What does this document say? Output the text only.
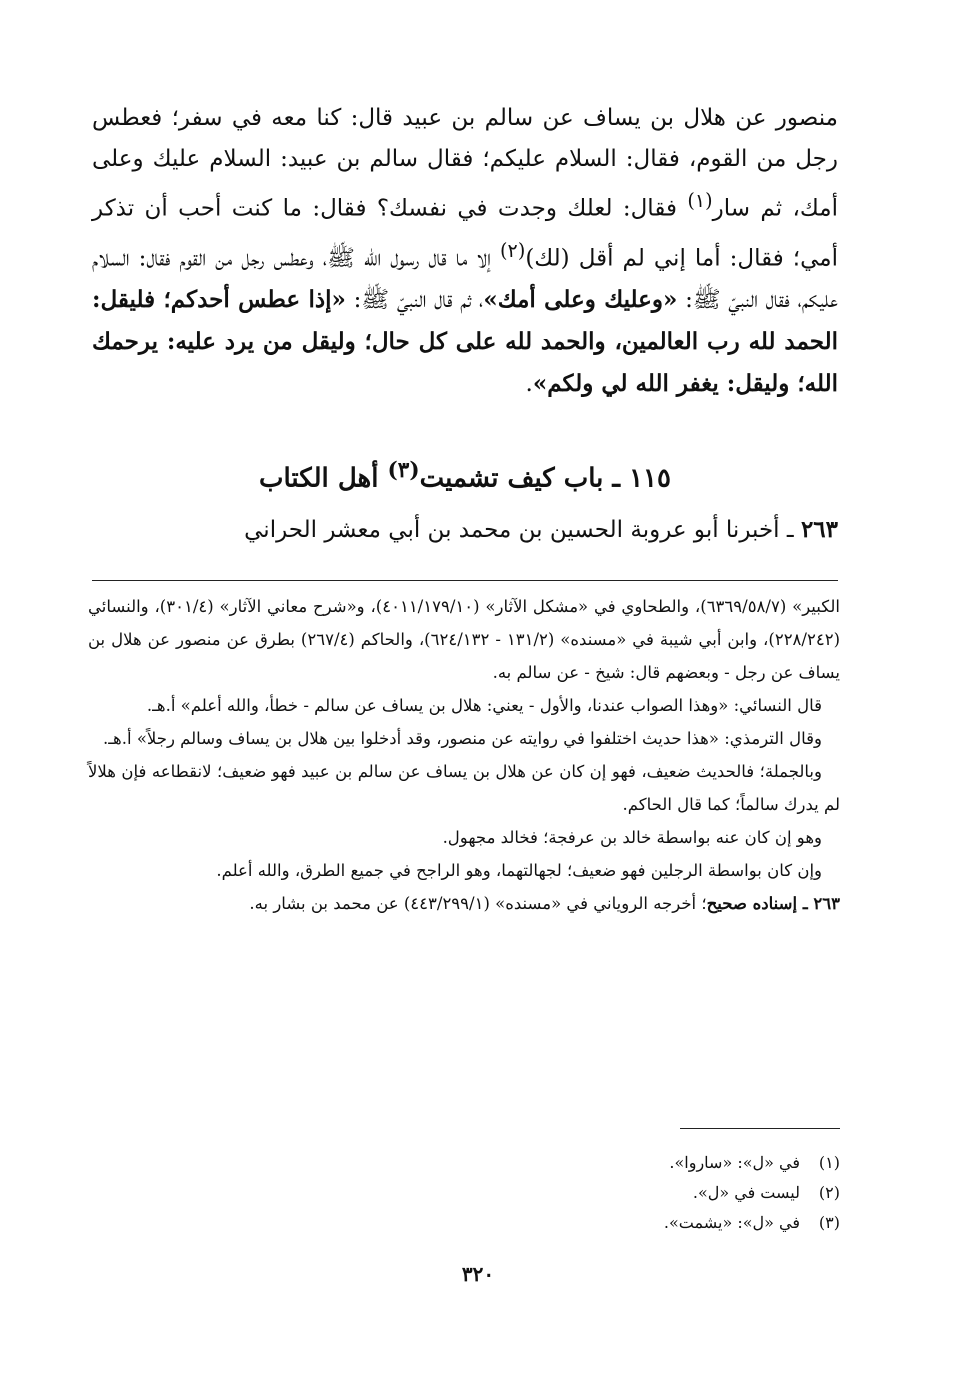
منصور عن هلال بن يساف عن سالم بن عبيد قال: كنا معه في سفر؛ فعطس رجل من القوم، فقال: السلام عليكم؛ فقال سالم بن عبيد: السلام عليك وعلى أمك، ثم سار$^{(١)}$ فقال: لعلك وجدت في نفسك؟ فقال: ما كنت أحب أن تذكر أمي؛ فقال: أما إني لم أقل (لك)$^{(٢)}$ إلا ما قال رسول الله ﷺ، وعطس رجل من القوم فقال: السلام عليكم، فقال النبيّ ﷺ: «وعليك وعلى أمك»، ثم قال النبيّ ﷺ: «إذا عطس أحدكم؛ فليقل: الحمد لله رب العالمين، والحمد لله على كل حال؛ وليقل من يرد عليه: يرحمك الله؛ وليقل: يغفر الله لي ولكم».

١١٥ ـ باب كيف تشميت$^{(٣)}$ أهل الكتاب
٢٦٣ ـ أخبرنا أبو عروبة الحسين بن محمد بن أبي معشر الحراني

الكبير» (٦٣٦٩/٥٨/٧)، والطحاوي في «مشكل الآثار» (٤٠١١/١٧٩/١٠)، و«شرح معاني الآثار» (٣٠١/٤)، والنسائي (٢٢٨/٢٤٢)، وابن أبي شيبة في «مسنده» (١٣١/٢ - ٦٢٤/١٣٢)، والحاكم (٢٦٧/٤) بطرق عن منصور عن هلال بن يساف عن رجل - وبعضهم قال: شيخ - عن سالم به.

قال النسائي: «وهذا الصواب عندنا، والأول - يعني: هلال بن يساف عن سالم - خطأ، والله أعلم» أ.هـ.

وقال الترمذي: «هذا حديث اختلفوا في روايته عن منصور، وقد أدخلوا بين هلال بن يساف وسالم رجلاً» أ.هـ.

وبالجملة؛ فالحديث ضعيف، فهو إن كان عن هلال بن يساف عن سالم بن عبيد فهو ضعيف؛ لانقطاعه فإن هلالاً لم يدرك سالماً؛ كما قال الحاكم.

وهو إن كان عنه بواسطة خالد بن عرفجة؛ فخالد مجهول.

وإن كان بواسطة الرجلين فهو ضعيف؛ لجهالتهما، وهو الراجح في جميع الطرق، والله أعلم.

٢٦٣ ـ إسناده صحيح؛ أخرجه الروياني في «مسنده» (٤٤٣/٢٩٩/١) عن محمد بن بشار به.

(١)
في «ل»: «ساروا».
(٢)
ليست في «ل».
(٣)
في «ل»: «يشمت».
٣٢٠
